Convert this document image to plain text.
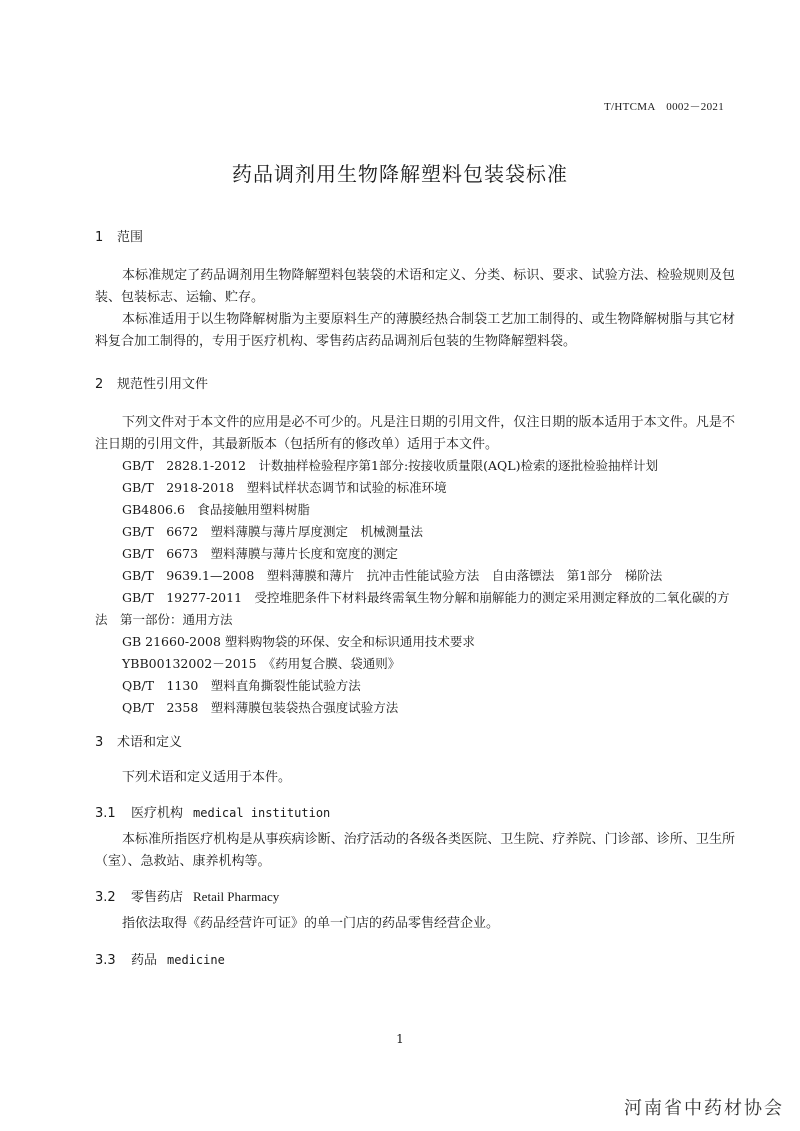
T/HTCMA　0002－2021
药品调剂用生物降解塑料包装袋标准
1 范围
本标准规定了药品调剂用生物降解塑料包装袋的术语和定义、分类、标识、要求、试验方法、检验规则及包装、包装标志、运输、贮存。
本标准适用于以生物降解树脂为主要原料生产的薄膜经热合制袋工艺加工制得的、或生物降解树脂与其它材料复合加工制得的，专用于医疗机构、零售药店药品调剂后包装的生物降解塑料袋。
2 规范性引用文件
下列文件对于本文件的应用是必不可少的。凡是注日期的引用文件，仅注日期的版本适用于本文件。凡是不注日期的引用文件，其最新版本（包括所有的修改单）适用于本文件。
GB/T　2828.1-2012　计数抽样检验程序第1部分:按接收质量限(AQL)检索的逐批检验抽样计划
GB/T　2918-2018　塑料试样状态调节和试验的标准环境
GB4806.6　食品接触用塑料树脂
GB/T　6672　塑料薄膜与薄片厚度测定　机械测量法
GB/T　6673　塑料薄膜与薄片长度和宽度的测定
GB/T　9639.1—2008　塑料薄膜和薄片　抗冲击性能试验方法　自由落镖法　第1部分　梯阶法
GB/T　19277-2011　受控堆肥条件下材料最终需氧生物分解和崩解能力的测定采用测定释放的二氧化碳的方法　第一部份：通用方法
GB 21660-2008 塑料购物袋的环保、安全和标识通用技术要求
YBB00132002－2015　《药用复合膜、袋通则》
QB/T　1130　塑料直角撕裂性能试验方法
QB/T　2358　塑料薄膜包装袋热合强度试验方法
3 术语和定义
下列术语和定义适用于本件。
3.1 医疗机构 medical institution
本标准所指医疗机构是从事疾病诊断、治疗活动的各级各类医院、卫生院、疗养院、门诊部、诊所、卫生所（室）、急救站、康养机构等。
3.2 零售药店 Retail Pharmacy
指依法取得《药品经营许可证》的单一门店的药品零售经营企业。
3.3 药品 medicine
1
河南省中药材协会
